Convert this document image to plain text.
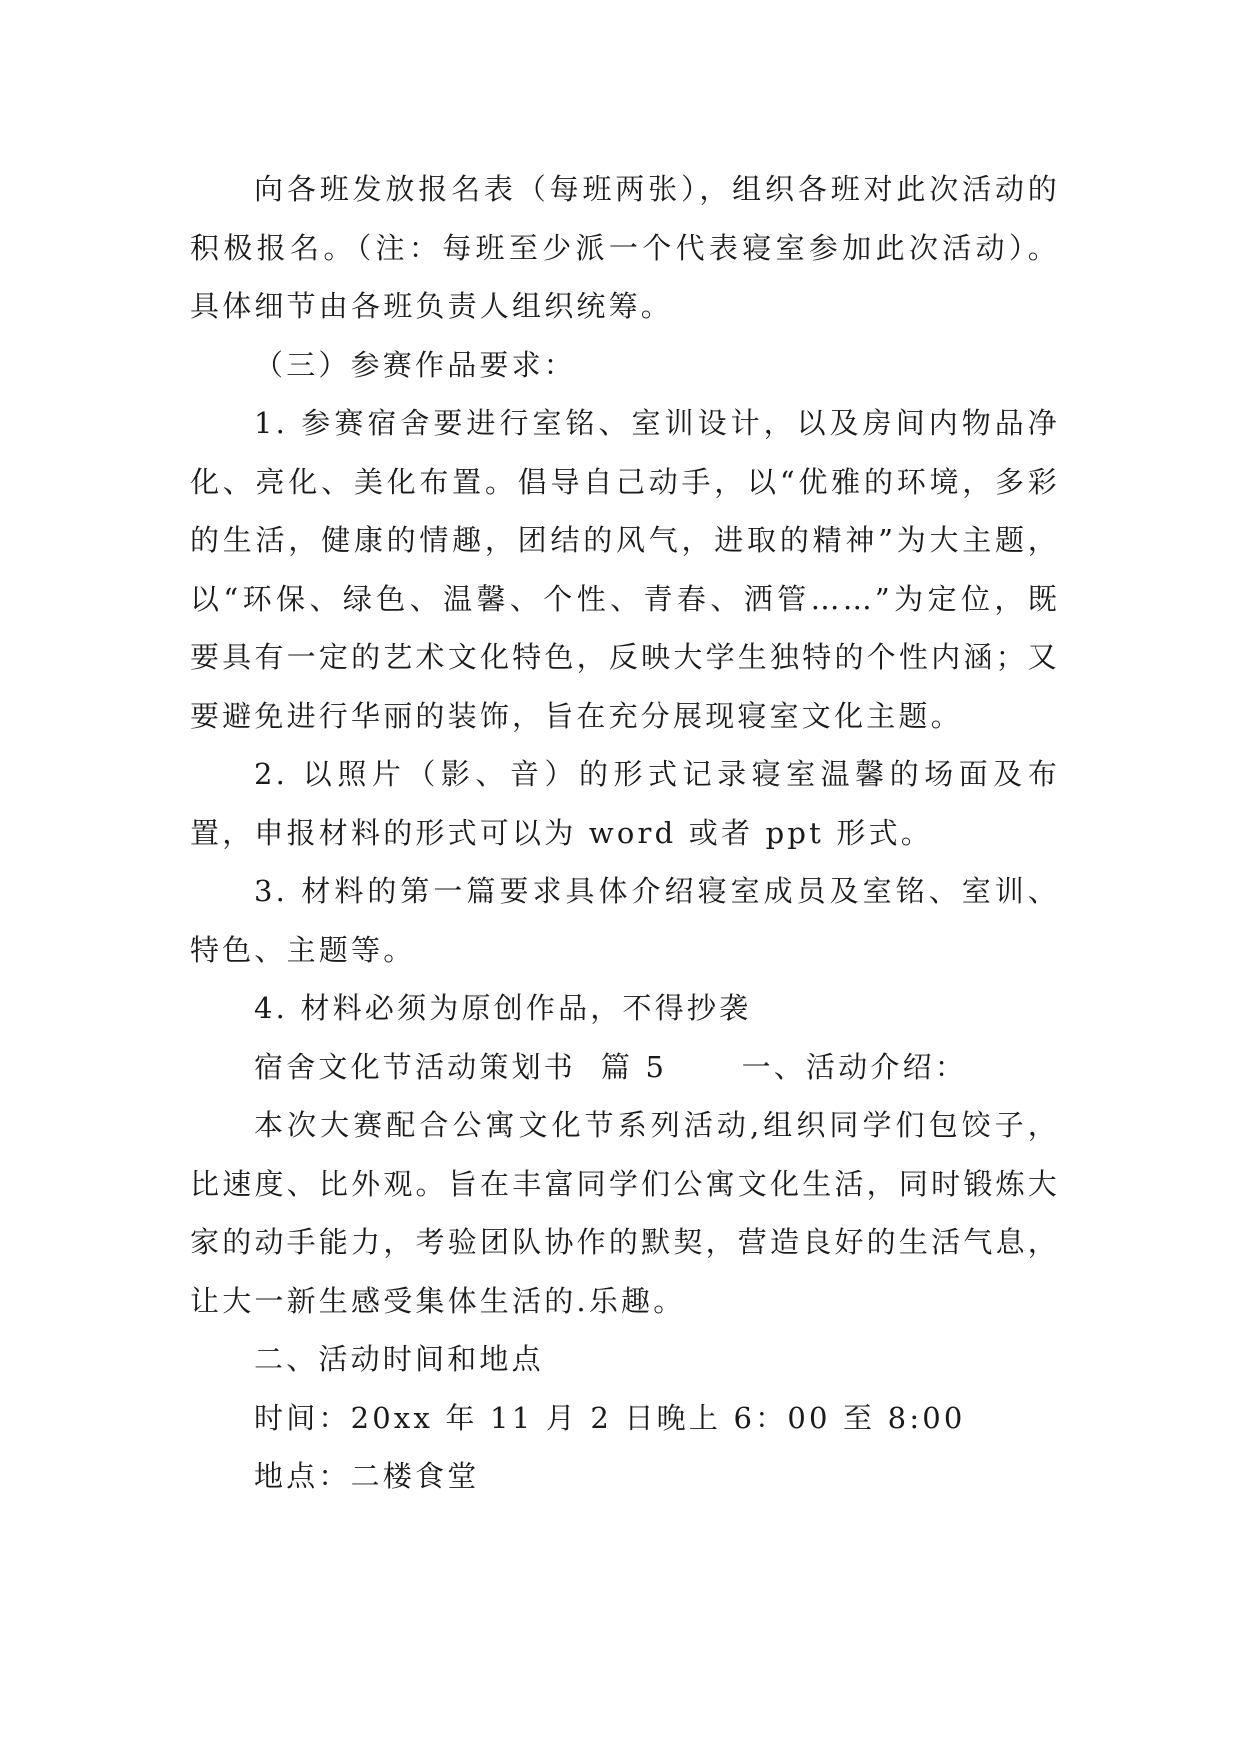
向各班发放报名表（每班两张），组织各班对此次活动的积极报名。（注：每班至少派一个代表寝室参加此次活动）。具体细节由各班负责人组织统筹。

（三）参赛作品要求：

1. 参赛宿舍要进行室铭、室训设计，以及房间内物品净化、亮化、美化布置。倡导自己动手，以“优雅的环境，多彩的生活，健康的情趣，团结的风气，进取的精神”为大主题，以“环保、绿色、温馨、个性、青春、洒管……”为定位，既要具有一定的艺术文化特色，反映大学生独特的个性内涵；又要避免进行华丽的装饰，旨在充分展现寝室文化主题。

2. 以照片（影、音）的形式记录寝室温馨的场面及布置，申报材料的形式可以为 word 或者 ppt 形式。

3. 材料的第一篇要求具体介绍寝室成员及室铭、室训、特色、主题等。

4. 材料必须为原创作品，不得抄袭

宿舍文化节活动策划书  篇 5      一、活动介绍：

本次大赛配合公寓文化节系列活动,组织同学们包饺子，比速度、比外观。旨在丰富同学们公寓文化生活，同时锻炼大家的动手能力，考验团队协作的默契，营造良好的生活气息，让大一新生感受集体生活的.乐趣。

二、活动时间和地点

时间：20xx 年 11 月 2 日晚上 6：00 至 8:00

地点：二楼食堂
